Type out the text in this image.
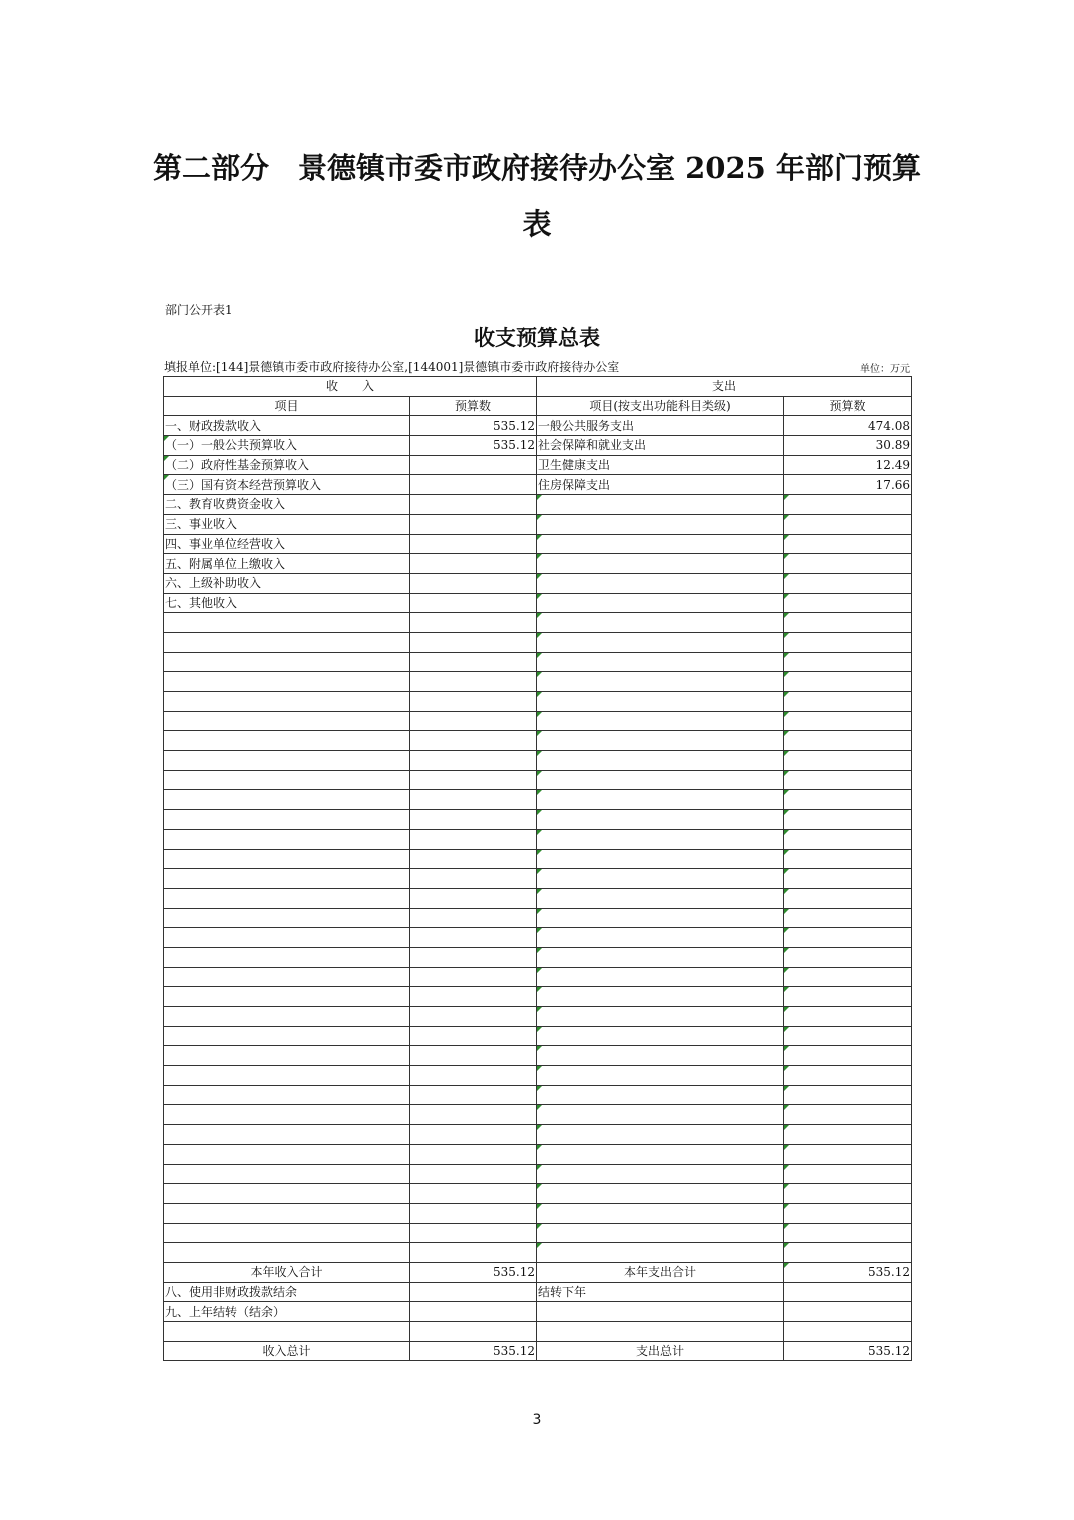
第二部分　景德镇市委市政府接待办公室 2025 年部门预算
表
部门公开表1
收支预算总表
填报单位:[144]景德镇市委市政府接待办公室,[144001]景德镇市委市政府接待办公室	单位：万元
收　　入		支出	
项目	预算数	项目(按支出功能科目类级)	预算数
一、财政拨款收入	535.12	一般公共服务支出	474.08
（一）一般公共预算收入	535.12	社会保障和就业支出	30.89
（二）政府性基金预算收入		卫生健康支出	12.49
（三）国有资本经营预算收入		住房保障支出	17.66
二、教育收费资金收入			
三、事业收入			
四、事业单位经营收入			
五、附属单位上缴收入			
六、上级补助收入			
七、其他收入			

本年收入合计	535.12	本年支出合计	535.12
八、使用非财政拨款结余		结转下年	
九、上年结转（结余）			

收入总计	535.12	支出总计	535.12
3
